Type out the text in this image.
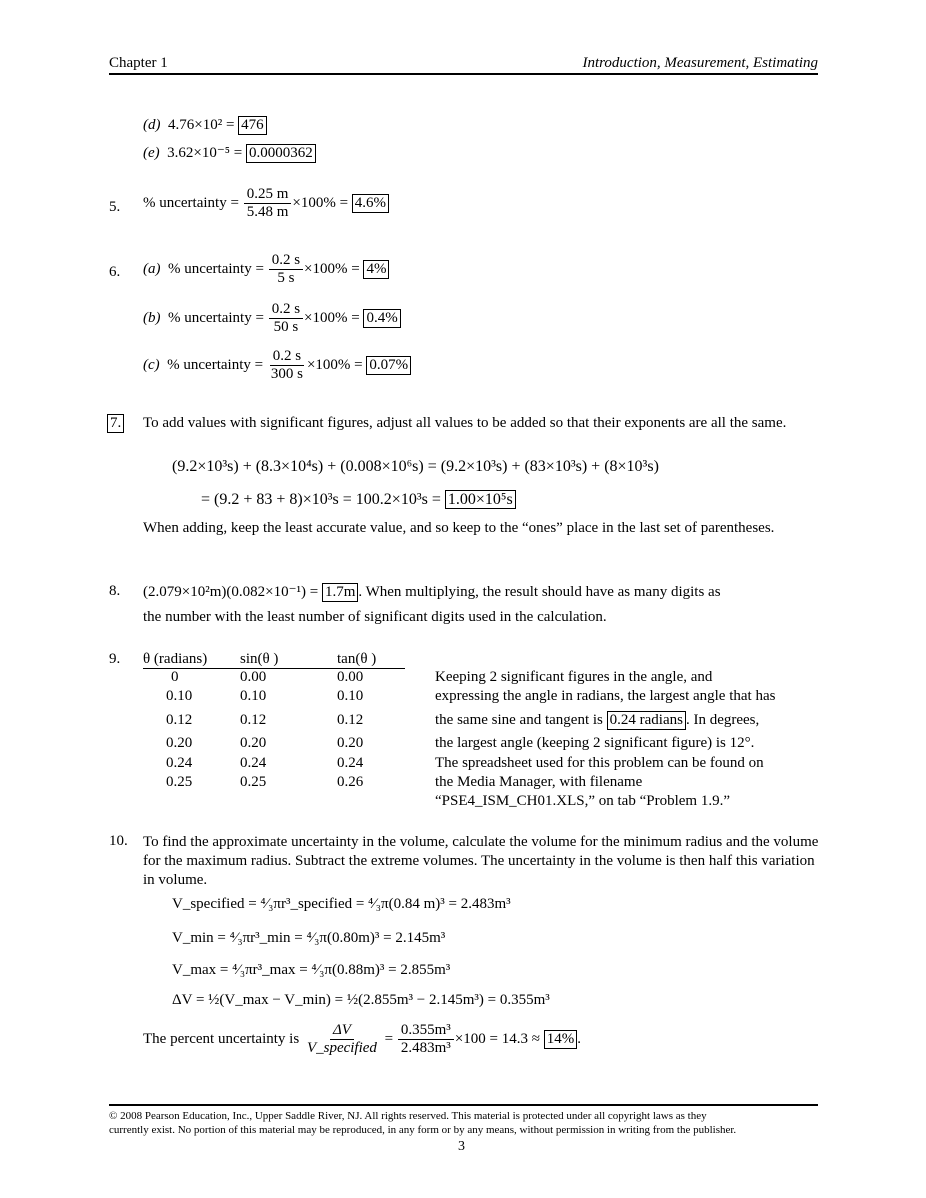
Chapter 1	Introduction, Measurement, Estimating
(d) 4.76×10² = 476
(e) 3.62×10⁻⁵ = 0.0000362
5. % uncertainty = $\frac{0.25 m}{5.48 m} \times 100\% = 4.6\%$
6. (a) % uncertainty = $\frac{0.2 s}{5 s} \times 100\% = 4\%$
(b) % uncertainty = $\frac{0.2 s}{50 s} \times 100\% = 0.4\%$
(c) % uncertainty = $\frac{0.2 s}{300 s} \times 100\% = 0.07\%$
7. To add values with significant figures, adjust all values to be added so that their exponents are all the same.
(9.2×10³s) + (8.3×10⁴s) + (0.008×10⁶s) = (9.2×10³s) + (83×10³s) + (8×10³s)
= (9.2 + 83 + 8)×10³s = 100.2×10³s = 1.00×10⁵s
When adding, keep the least accurate value, and so keep to the “ones” place in the last set of parentheses.
8. (2.079×10²m)(0.082×10⁻¹) = 1.7m . When multiplying, the result should have as many digits as
the number with the least number of significant digits used in the calculation.
9. θ (radians) sin(θ )	tan(θ )
0	0.00	0.00
0.10	0.10	0.10
0.12	0.12	0.12
0.20	0.20	0.20
0.24	0.24	0.24
0.25	0.25	0.26
Keeping 2 significant figures in the angle, and
expressing the angle in radians, the largest angle that has
the same sine and tangent is 0.24 radians . In degrees,
the largest angle (keeping 2 significant figure) is 12°.
The spreadsheet used for this problem can be found on
the Media Manager, with filename
“PSE4_ISM_CH01.XLS,” on tab “Problem 1.9.”
10. To find the approximate uncertainty in the volume, calculate the volume for the minimum radius and the volume for the maximum radius. Subtract the extreme volumes. The uncertainty in the volume is then half this variation in volume.
V_specified = ⁴⁄₃πr³_specified = ⁴⁄₃π(0.84 m)³ = 2.483m³
V_min = ⁴⁄₃πr³_min = ⁴⁄₃π(0.80m)³ = 2.145m³
V_max = ⁴⁄₃πr³_max = ⁴⁄₃π(0.88m)³ = 2.855m³
ΔV = ½(V_max − V_min) = ½(2.855m³ − 2.145m³) = 0.355m³
The percent uncertainty is $\frac{\Delta V}{\text{V\_specified}} = \frac{\text{0.355m³}}{\text{2.483m³}} \times 100 = 14.3 \approx 14\%$ .
© 2008 Pearson Education, Inc., Upper Saddle River, NJ. All rights reserved. This material is protected under all copyright laws as they
currently exist. No portion of this material may be reproduced, in any form or by any means, without permission in writing from the publisher.
3
